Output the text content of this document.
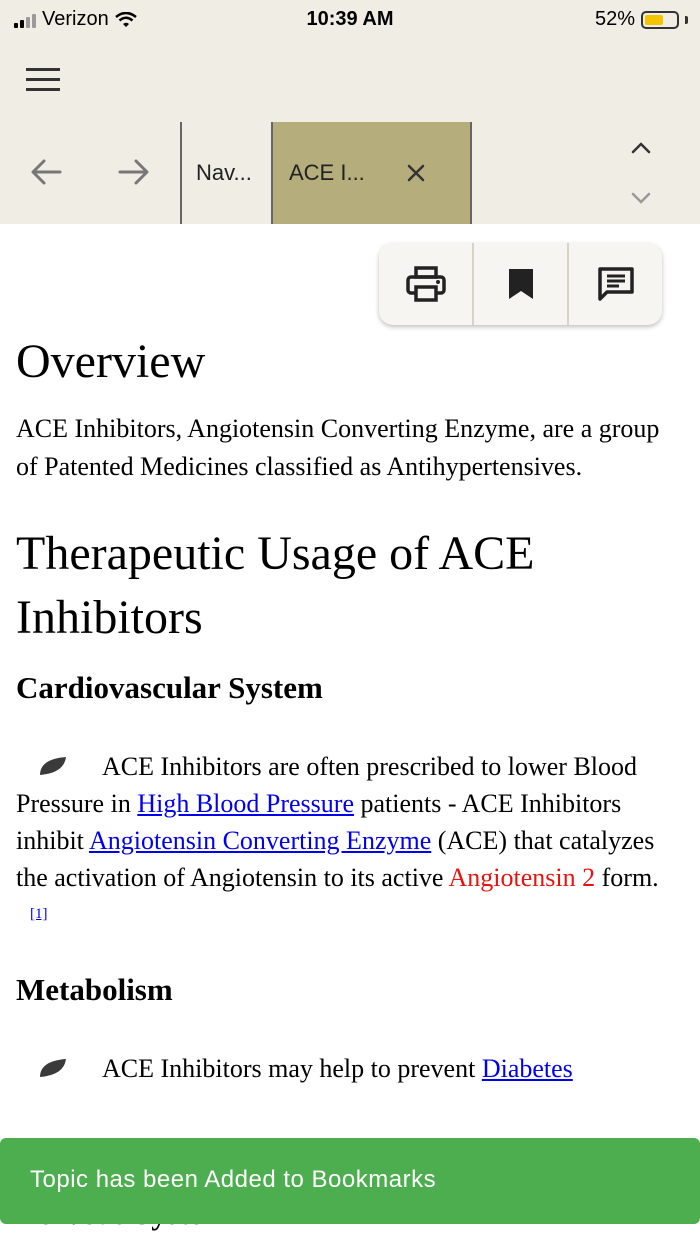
Verizon	10:39 AM	52%
Nav... ACE I...
Overview

ACE Inhibitors, Angiotensin Converting Enzyme, are a group of Patented Medicines classified as Antihypertensives.

Therapeutic Usage of ACE Inhibitors
Cardiovascular System

ACE Inhibitors are often prescribed to lower Blood Pressure in High Blood Pressure patients - ACE Inhibitors inhibit Angiotensin Converting Enzyme (ACE) that catalyzes the activation of Angiotensin to its active Angiotensin 2 form.[1]

Metabolism

ACE Inhibitors may help to prevent Diabetes

Topic has been Added to Bookmarks
